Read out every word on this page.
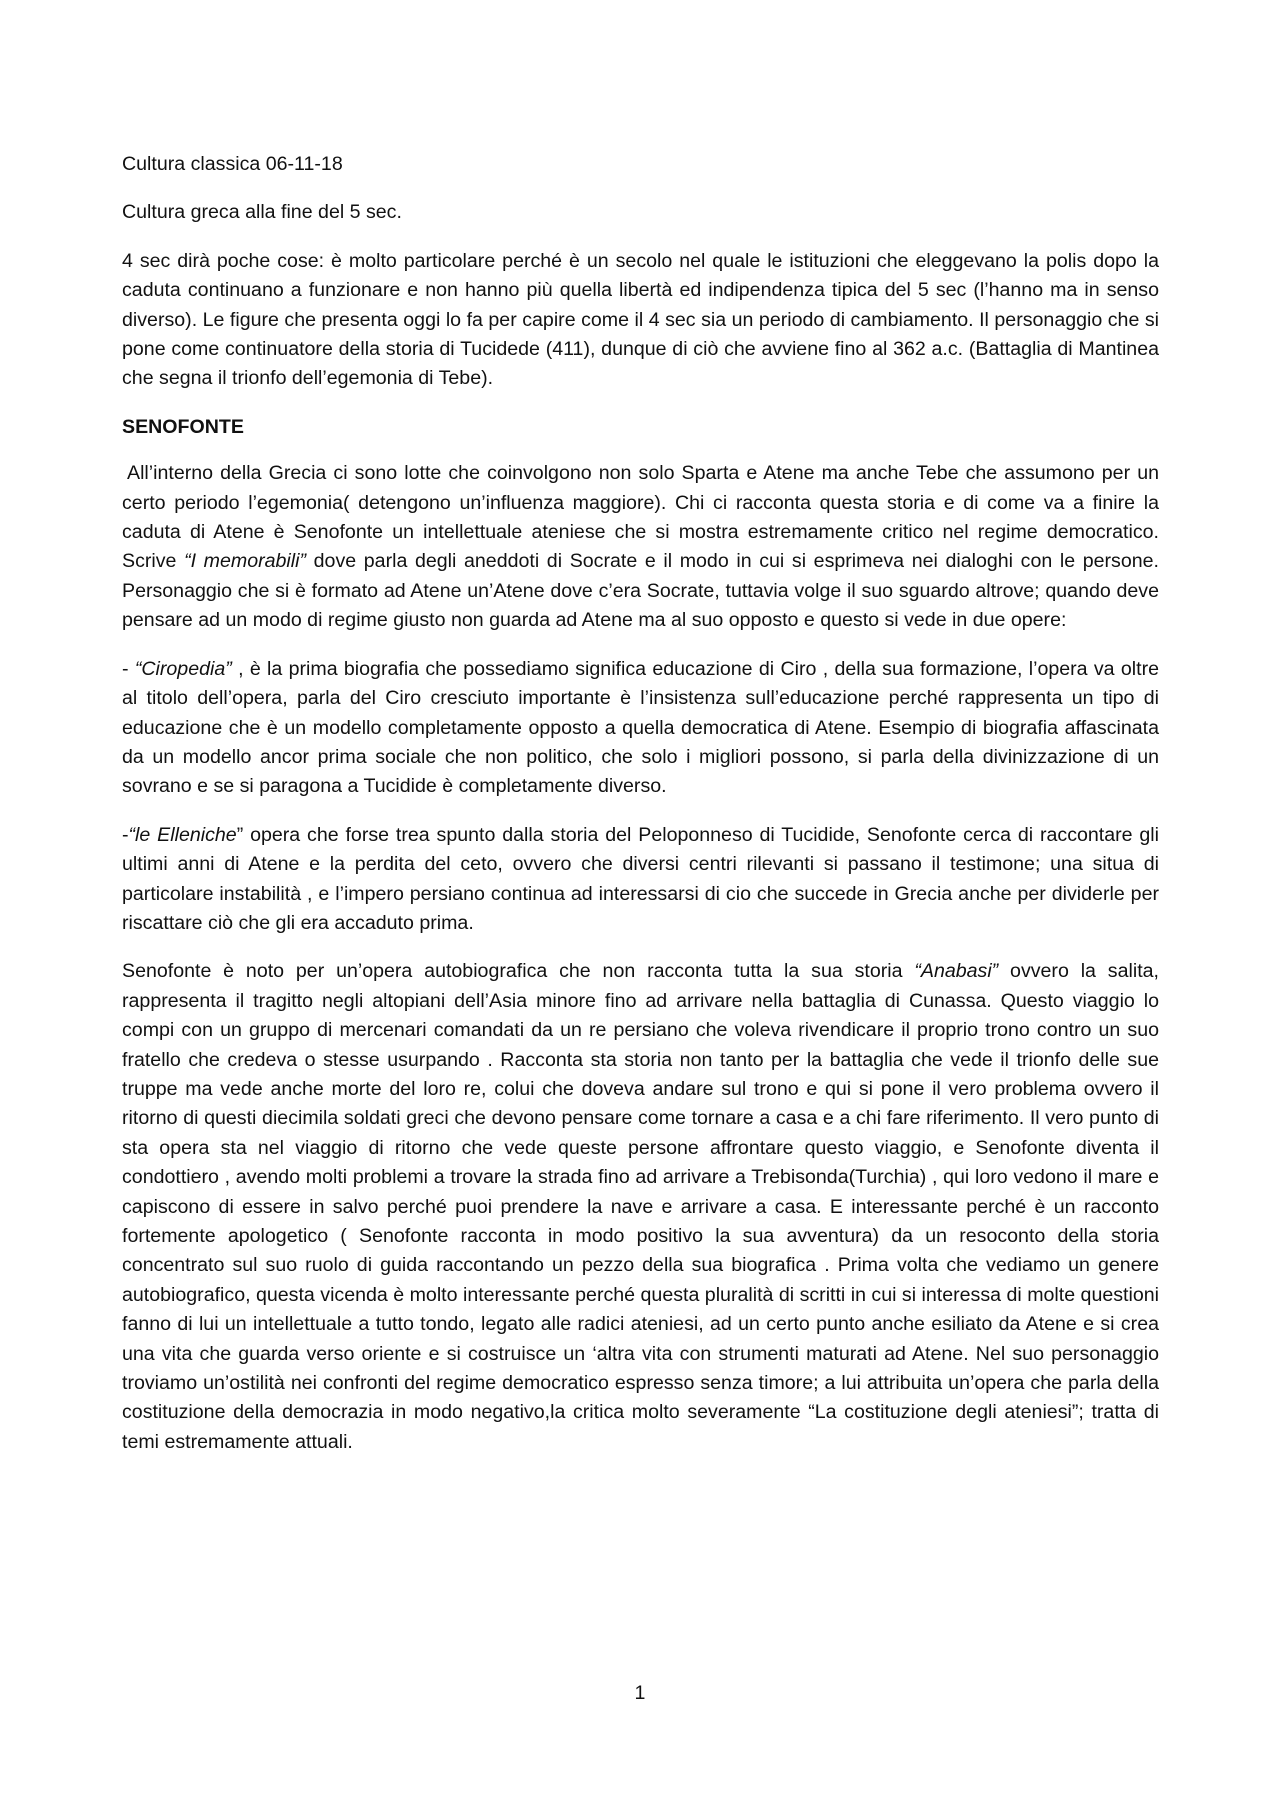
Cultura classica 06-11-18

Cultura greca alla fine del 5 sec.

4 sec dirà poche cose: è molto particolare perché è un secolo nel quale le istituzioni che eleggevano la polis dopo la caduta continuano a funzionare e non hanno più quella libertà ed indipendenza tipica del 5 sec (l’hanno ma in senso diverso). Le figure che presenta oggi lo fa per capire come il 4 sec sia un periodo di cambiamento. Il personaggio che si pone come continuatore della storia di Tucidede (411), dunque di ciò che avviene fino al 362 a.c. (Battaglia di Mantinea che segna il trionfo dell’egemonia di Tebe).

SENOFONTE

All’interno della Grecia ci sono lotte che coinvolgono non solo Sparta e Atene ma anche Tebe che assumono per un certo periodo l’egemonia( detengono un’influenza maggiore). Chi ci racconta questa storia e di come va a finire la caduta di Atene è Senofonte un intellettuale ateniese che si mostra estremamente critico nel regime democratico. Scrive “I memorabili” dove parla degli aneddoti di Socrate e il modo in cui si esprimeva nei dialoghi con le persone. Personaggio che si è formato ad Atene un’Atene dove c’era Socrate, tuttavia volge il suo sguardo altrove; quando deve pensare ad un modo di regime giusto non guarda ad Atene ma al suo opposto e questo si vede in due opere:

- “Ciropedia” , è la prima biografia che possediamo significa educazione di Ciro , della sua formazione, l’opera va oltre al titolo dell’opera, parla del Ciro cresciuto importante è l’insistenza sull’educazione perché rappresenta un tipo di educazione che è un modello completamente opposto a quella democratica di Atene. Esempio di biografia affascinata da un modello ancor prima sociale che non politico, che solo i migliori possono, si parla della divinizzazione di un sovrano e se si paragona a Tucidide è completamente diverso.

-“le Elleniche” opera che forse trea spunto dalla storia del Peloponneso di Tucidide, Senofonte cerca di raccontare gli ultimi anni di Atene e la perdita del ceto, ovvero che diversi centri rilevanti si passano il testimone; una situa di particolare instabilità , e l’impero persiano continua ad interessarsi di cio che succede in Grecia anche per dividerle per riscattare ciò che gli era accaduto prima.

Senofonte è noto per un’opera autobiografica che non racconta tutta la sua storia “Anabasi” ovvero la salita, rappresenta il tragitto negli altopiani dell’Asia minore fino ad arrivare nella battaglia di Cunassa. Questo viaggio lo compi con un gruppo di mercenari comandati da un re persiano che voleva rivendicare il proprio trono contro un suo fratello che credeva o stesse usurpando . Racconta sta storia non tanto per la battaglia che vede il trionfo delle sue truppe ma vede anche morte del loro re, colui che doveva andare sul trono e qui si pone il vero problema ovvero il ritorno di questi diecimila soldati greci che devono pensare come tornare a casa e a chi fare riferimento. Il vero punto di sta opera sta nel viaggio di ritorno che vede queste persone affrontare questo viaggio, e Senofonte diventa il condottiero , avendo molti problemi a trovare la strada fino ad arrivare a Trebisonda(Turchia) , qui loro vedono il mare e capiscono di essere in salvo perché puoi prendere la nave e arrivare a casa. E interessante perché è un racconto fortemente apologetico ( Senofonte racconta in modo positivo la sua avventura) da un resoconto della storia concentrato sul suo ruolo di guida raccontando un pezzo della sua biografica . Prima volta che vediamo un genere autobiografico, questa vicenda è molto interessante perché questa pluralità di scritti in cui si interessa di molte questioni fanno di lui un intellettuale a tutto tondo, legato alle radici ateniesi, ad un certo punto anche esiliato da Atene e si crea una vita che guarda verso oriente e si costruisce un ‘altra vita con strumenti maturati ad Atene. Nel suo personaggio troviamo un’ostilità nei confronti del regime democratico espresso senza timore; a lui attribuita un’opera che parla della costituzione della democrazia in modo negativo,la critica molto severamente “La costituzione degli ateniesi”; tratta di temi estremamente attuali.

1
